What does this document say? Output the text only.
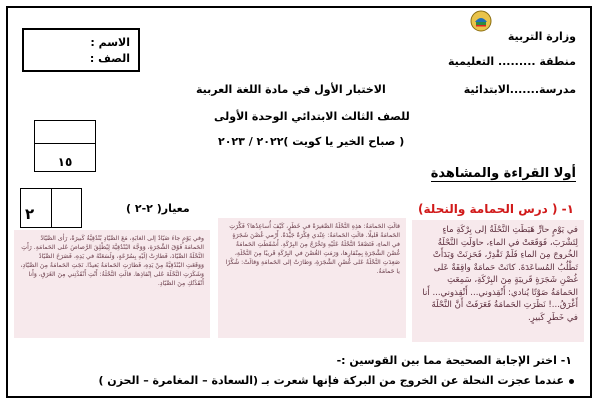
وزارة التربية
منطقة ......... التعليمية
مدرسة.......الابتدائية
الاسم :
الصف :
الاختبار الأول في مادة اللغة العربية
للصف الثالث الابتدائي الوحدة الأولى
( صباح الخير يا كويت )٢٠٢٢ / ٢٠٢٣
١٥
أولا القراءة والمشاهدة
٢	معيار( ٢-٢ )	١- ( درس الحمامة والنحلة)

في يَوْمٍ حارٍّ هَبَطَتِ النَّحْلَةُ إلى بِرْكَةِ ماءٍ لِتَشْرَبَ، فَوَقَعَتْ في الماءِ، حاوَلَتِ النَّحْلَةُ الخُروجَ مِنَ الماءِ فَلَمْ تَقْدِرْ، فَحَزِنَتْ وَبَدَأَتْ تَطْلُبُ المُساعَدَةَ. كانَتْ حَمامَةٌ واقِفَةٌ عَلى غُصْنِ شَجَرَةٍ قَريبَةٍ مِنَ البِرْكَةِ، سَمِعَتِ الحَمامَةُ صَوْتًا يُنادي: أَنْقِذوني... أَنْقِذوني... أَنا أَغْرَقُ...! نَظَرَتِ الحَمامَةُ فَعَرَفَتْ أَنَّ النَّحْلَةَ في خَطَرٍ كَبيرٍ.

قالَتِ الحَمامَةُ: هذِهِ النَّحْلَةُ الصَّغيرَةُ في خَطَرٍ، كَيْفَ أُساعِدُها؟ فَكَّرَتِ الحَمامَةُ قَليلًا. قالَتِ الحَمامَةُ: عِنْدي فِكْرَةٌ جَيِّدَةٌ. أَرْمي غُصْنَ شَجَرَةٍ في الماءِ، فَتَصْعَدُ النَّحْلَةُ عَلَيْهِ وَتَخْرُجُ مِنَ البِرْكَةِ. أَسْقَطَتِ الحَمامَةُ غُصْنَ الشَّجَرَةِ بِمِنْقارِها، وَرَمَتِ الغُصْنَ في البِرْكَةِ قَريبًا مِنَ النَّحْلَةِ، صَعِدَتِ النَّحْلَةُ عَلى غُصْنِ الشَّجَرَةِ، وَطارَتْ إلى الحَمامَةِ وَقالَتْ: شُكْرًا يا حَمامَةُ.

وفي يَوْمٍ جاءَ صَيّادٌ إلى الغابَةِ، مَعَ الصَّيّادِ بُنْدُقِيَّةٌ كَبيرَةٌ، رَأى الصَّيّادُ الحَمامَةَ فَوْقَ الشَّجَرَةِ، وَوَجَّهَ البُنْدُقِيَّةَ لِيُطْلِقَ الرَّصاصَ عَلى الحَمامَةِ. رَأَتِ النَّحْلَةُ الصَّيّادَ، فَطارَتْ إلَيْهِ بِسُرْعَةٍ، وَلَسَعَتْهُ في يَدِهِ، فَصَرَخَ الصَّيّادُ وَوَقَعَتِ البُنْدُقِيَّةُ مِنْ يَدِهِ، فَطارَتِ الحَمامَةُ بَعيدًا. نَجَتِ الحَمامَةُ مِنَ الصَّيّادِ، وَشَكَرَتِ النَّحْلَةَ عَلى إنْقاذِها. قالَتِ النَّحْلَةُ: أَنْتِ أَنْقَذْتِني مِنَ الغَرَقِ، وَأَنا أَنْقَذْتُكِ مِنَ الصَّيّادِ.

١- اختر الإجابة الصحيحة مما بين القوسين :-
عندما عجزت النحلة عن الخروج من البركة فإنها شعرت بـ (السعادة – المغامرة – الحزن )
